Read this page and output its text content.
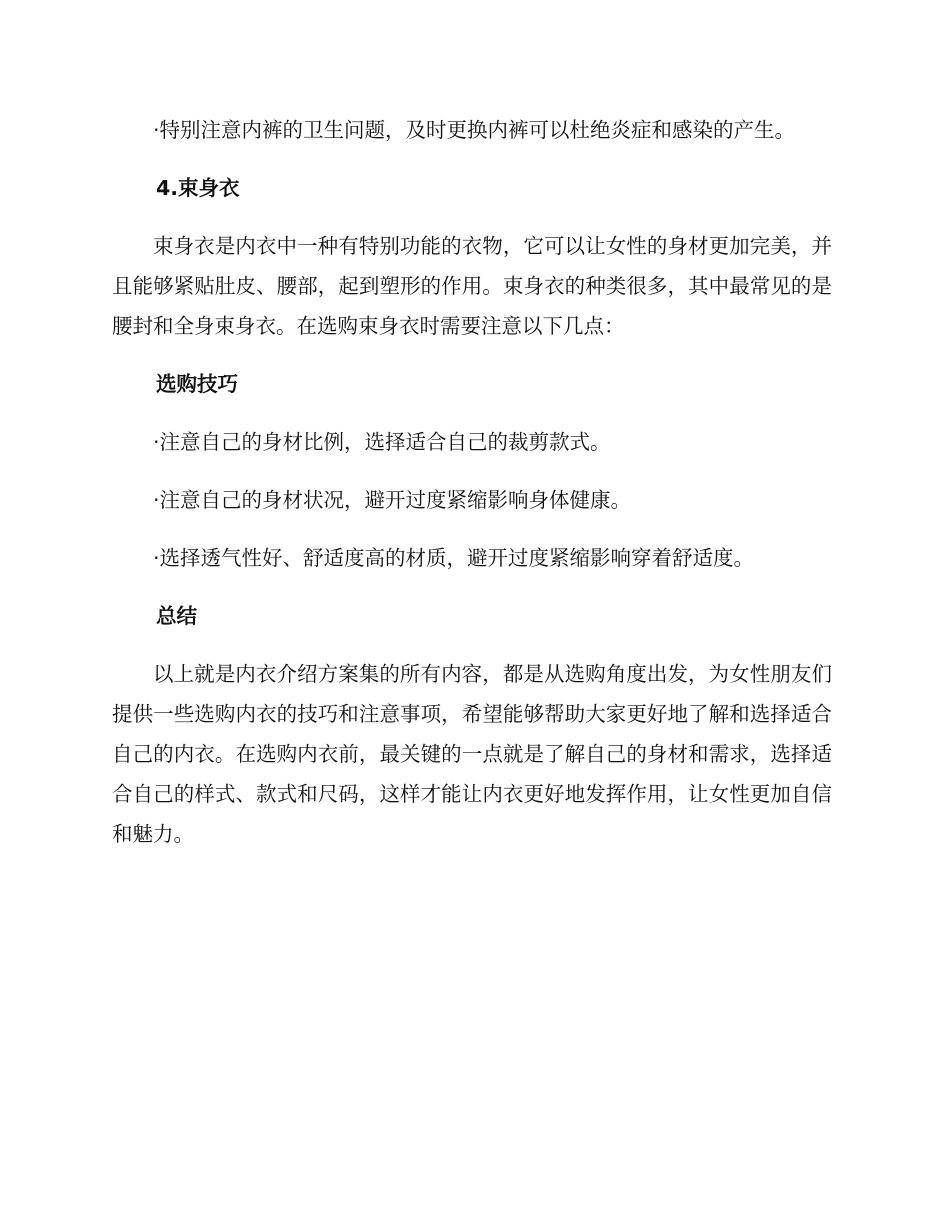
·特别注意内裤的卫生问题，及时更换内裤可以杜绝炎症和感染的产生。

4.束身衣

束身衣是内衣中一种有特别功能的衣物，它可以让女性的身材更加完美，并且能够紧贴肚皮、腰部，起到塑形的作用。束身衣的种类很多，其中最常见的是腰封和全身束身衣。在选购束身衣时需要注意以下几点：

选购技巧

·注意自己的身材比例，选择适合自己的裁剪款式。

·注意自己的身材状况，避开过度紧缩影响身体健康。

·选择透气性好、舒适度高的材质，避开过度紧缩影响穿着舒适度。

总结

以上就是内衣介绍方案集的所有内容，都是从选购角度出发，为女性朋友们提供一些选购内衣的技巧和注意事项，希望能够帮助大家更好地了解和选择适合自己的内衣。在选购内衣前，最关键的一点就是了解自己的身材和需求，选择适合自己的样式、款式和尺码，这样才能让内衣更好地发挥作用，让女性更加自信和魅力。
